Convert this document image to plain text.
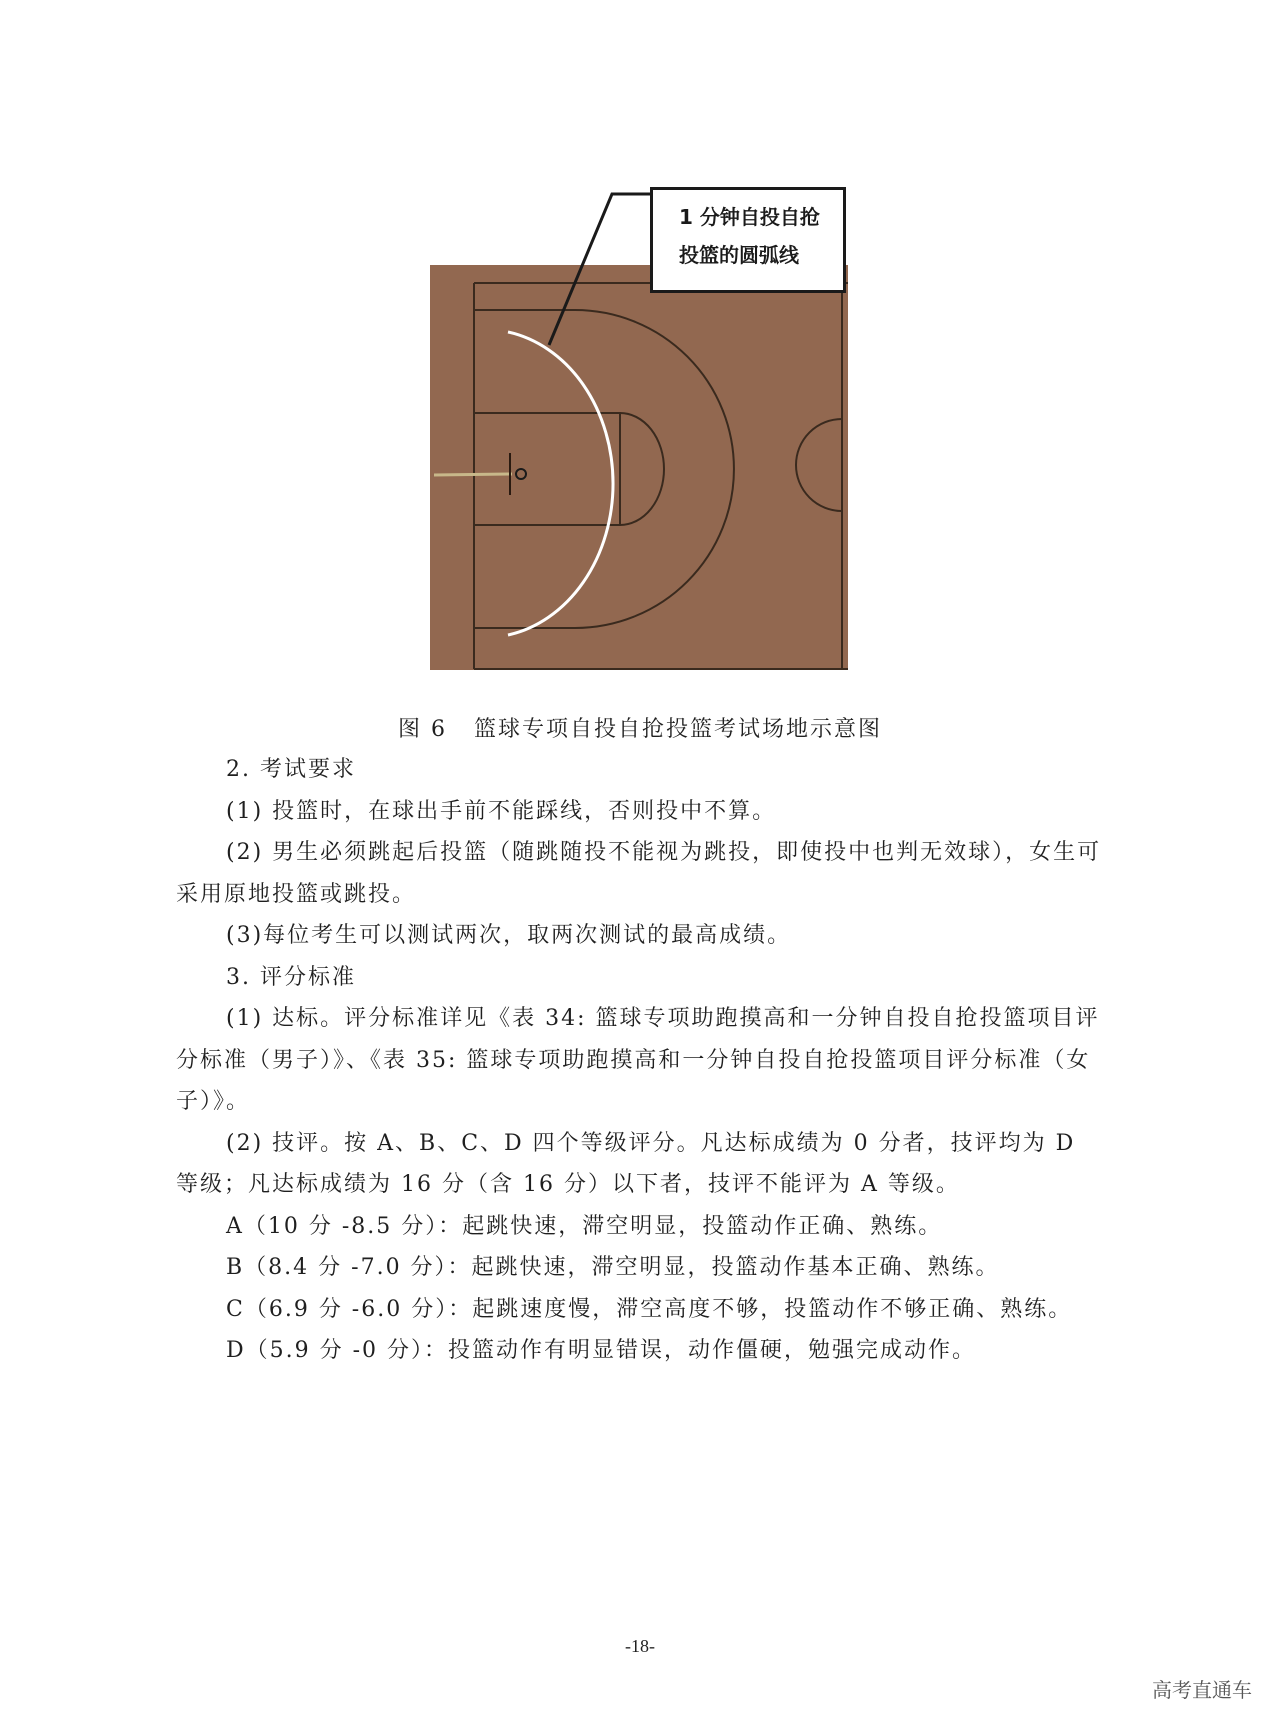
1 分钟自投自抢
投篮的圆弧线
图 6   篮球专项自投自抢投篮考试场地示意图

2. 考试要求

(1) 投篮时，在球出手前不能踩线，否则投中不算。

(2) 男生必须跳起后投篮（随跳随投不能视为跳投，即使投中也判无效球），女生可采用原地投篮或跳投。

(3)每位考生可以测试两次，取两次测试的最高成绩。

3. 评分标准

(1) 达标。评分标准详见《表 34: 篮球专项助跑摸高和一分钟自投自抢投篮项目评分标准（男子）》、《表 35: 篮球专项助跑摸高和一分钟自投自抢投篮项目评分标准（女子）》。

(2) 技评。按 A、B、C、D 四个等级评分。凡达标成绩为 0 分者，技评均为 D 等级；凡达标成绩为 16 分（含 16 分）以下者，技评不能评为 A 等级。

A（10 分 -8.5 分）：起跳快速，滞空明显，投篮动作正确、熟练。

B（8.4 分 -7.0 分）：起跳快速，滞空明显，投篮动作基本正确、熟练。

C（6.9 分 -6.0 分）：起跳速度慢，滞空高度不够，投篮动作不够正确、熟练。

D（5.9 分 -0 分）：投篮动作有明显错误，动作僵硬，勉强完成动作。

-18-
高考直通车
